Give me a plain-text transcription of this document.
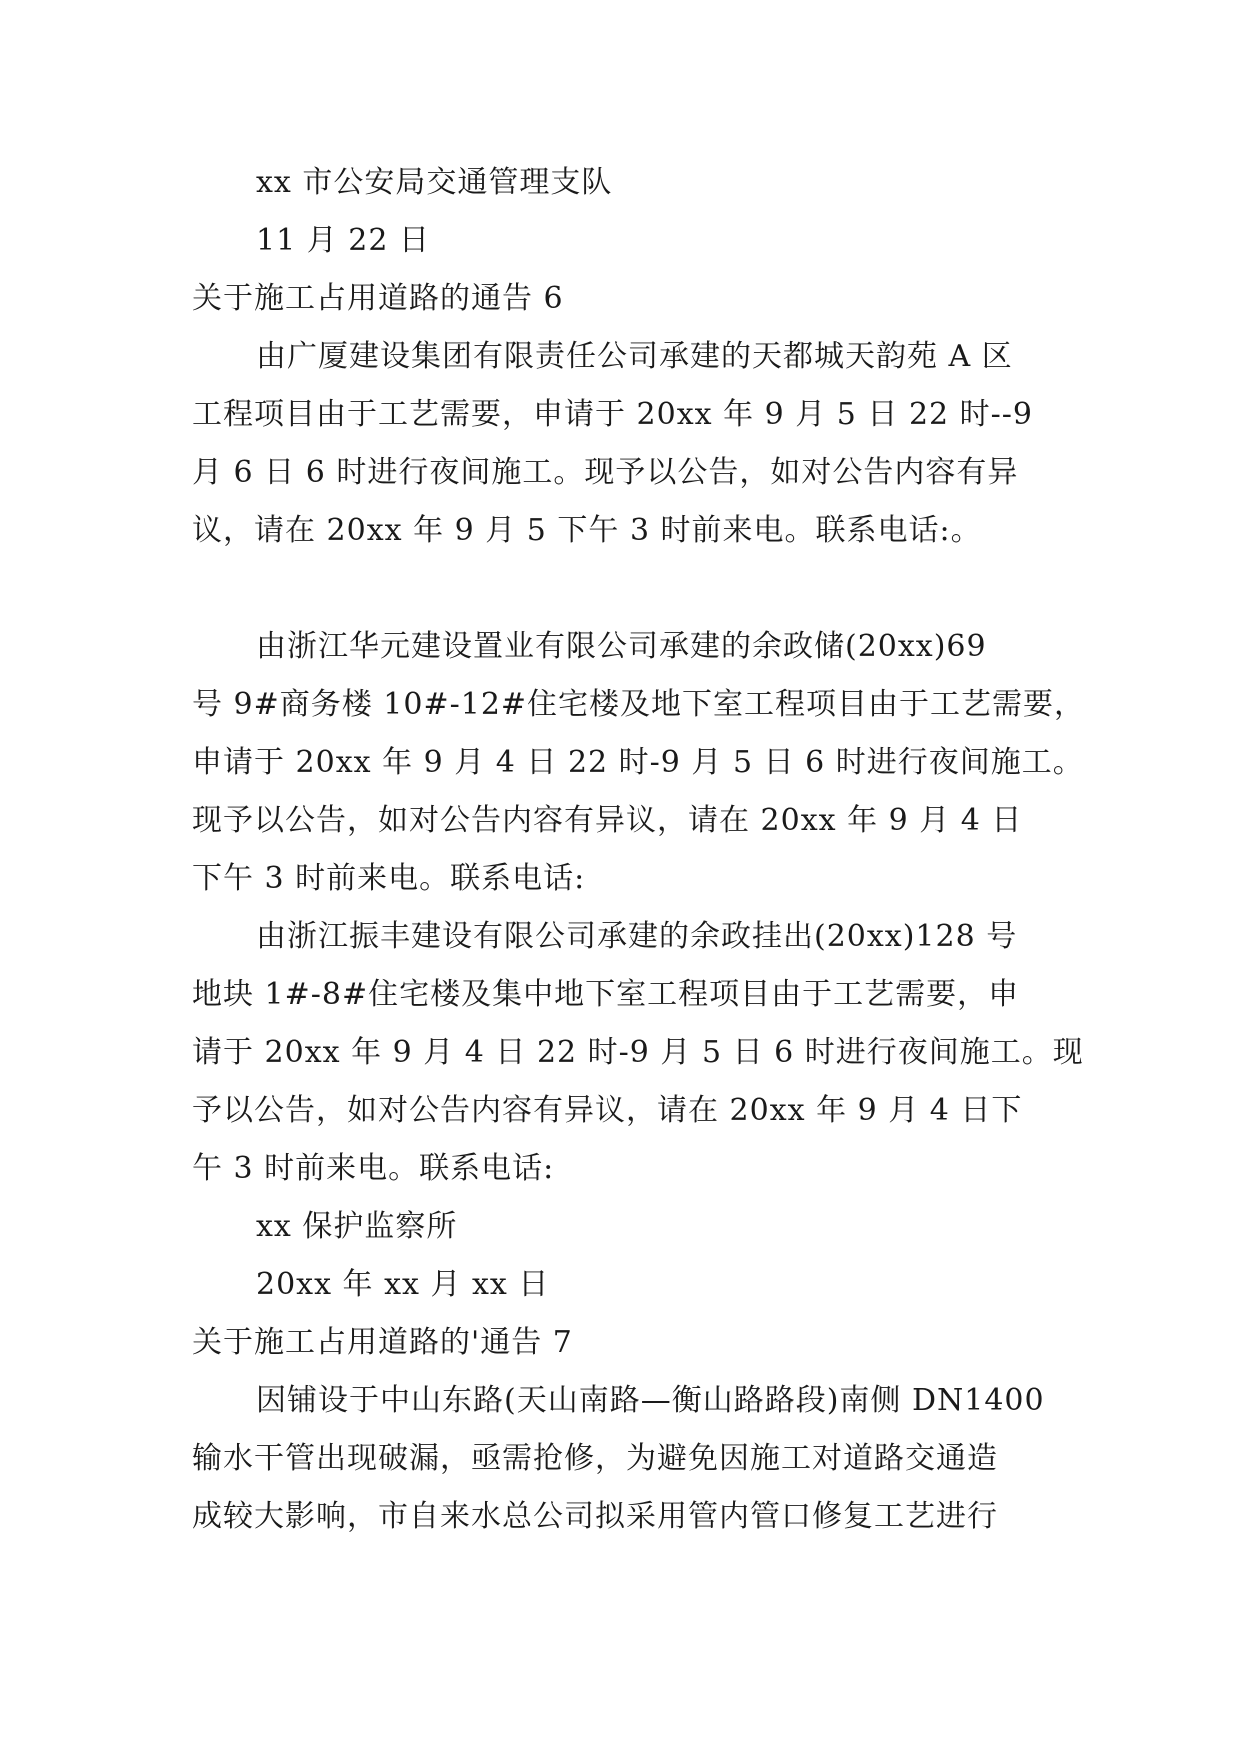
xx 市公安局交通管理支队
11 月 22 日
关于施工占用道路的通告 6
由广厦建设集团有限责任公司承建的天都城天韵苑 A 区
工程项目由于工艺需要，申请于 20xx 年 9 月 5 日 22 时--9
月 6 日 6 时进行夜间施工。现予以公告，如对公告内容有异
议，请在 20xx 年 9 月 5 下午 3 时前来电。联系电话:。
由浙江华元建设置业有限公司承建的余政储(20xx)69
号 9#商务楼 10#-12#住宅楼及地下室工程项目由于工艺需要，
申请于 20xx 年 9 月 4 日 22 时-9 月 5 日 6 时进行夜间施工。
现予以公告，如对公告内容有异议，请在 20xx 年 9 月 4 日
下午 3 时前来电。联系电话:
由浙江振丰建设有限公司承建的余政挂出(20xx)128 号
地块 1#-8#住宅楼及集中地下室工程项目由于工艺需要，申
请于 20xx 年 9 月 4 日 22 时-9 月 5 日 6 时进行夜间施工。现
予以公告，如对公告内容有异议，请在 20xx 年 9 月 4 日下
午 3 时前来电。联系电话:
xx 保护监察所
20xx 年 xx 月 xx 日
关于施工占用道路的'通告 7
因铺设于中山东路(天山南路—衡山路路段)南侧 DN1400
输水干管出现破漏，亟需抢修，为避免因施工对道路交通造
成较大影响，市自来水总公司拟采用管内管口修复工艺进行
